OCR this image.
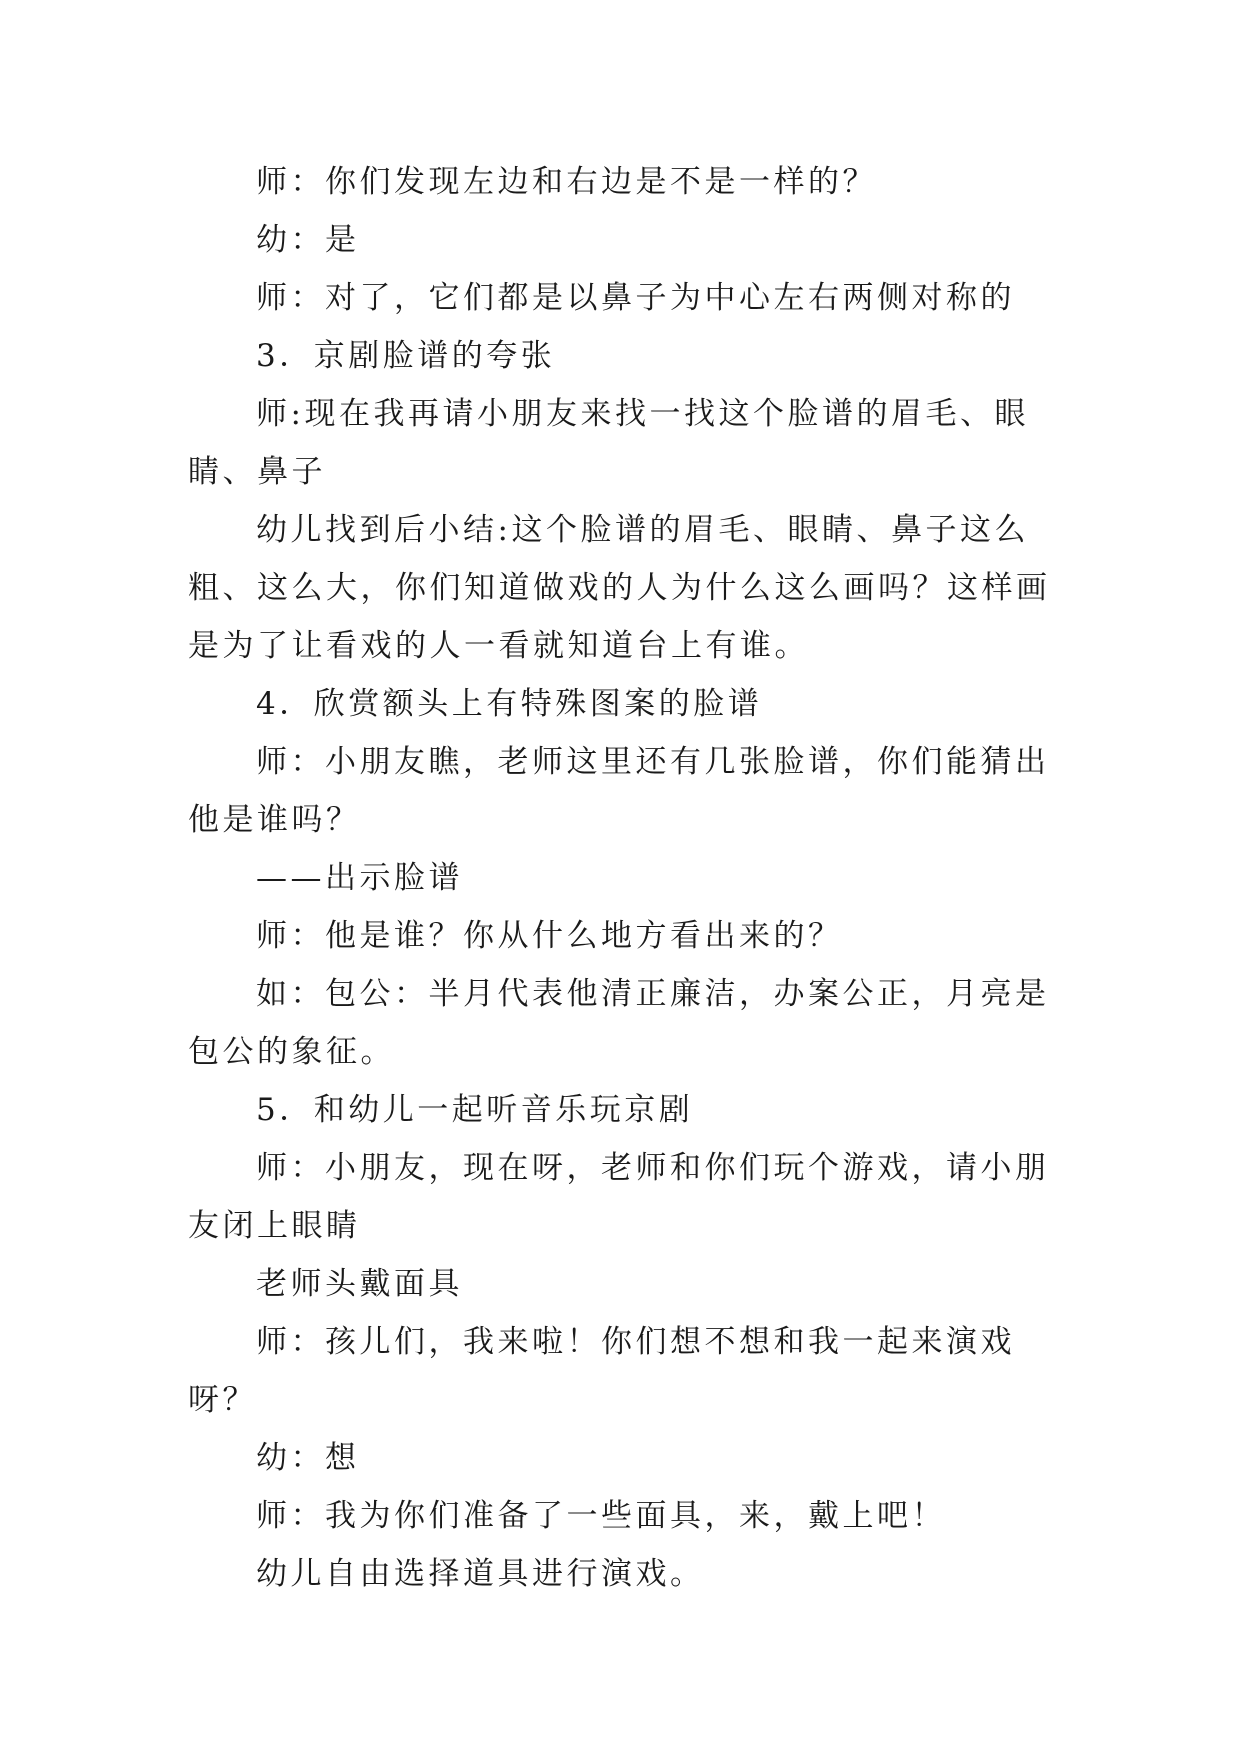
师：你们发现左边和右边是不是一样的？

幼：是

师：对了，它们都是以鼻子为中心左右两侧对称的

3．京剧脸谱的夸张

师:现在我再请小朋友来找一找这个脸谱的眉毛、眼睛、鼻子

幼儿找到后小结:这个脸谱的眉毛、眼睛、鼻子这么粗、这么大，你们知道做戏的人为什么这么画吗？这样画是为了让看戏的人一看就知道台上有谁。

4．欣赏额头上有特殊图案的脸谱

师：小朋友瞧，老师这里还有几张脸谱，你们能猜出他是谁吗？

——出示脸谱

师：他是谁？你从什么地方看出来的？

如：包公：半月代表他清正廉洁，办案公正，月亮是包公的象征。

5．和幼儿一起听音乐玩京剧

师：小朋友，现在呀，老师和你们玩个游戏，请小朋友闭上眼睛

老师头戴面具

师：孩儿们，我来啦！你们想不想和我一起来演戏呀？

幼：想

师：我为你们准备了一些面具，来，戴上吧！

幼儿自由选择道具进行演戏。
